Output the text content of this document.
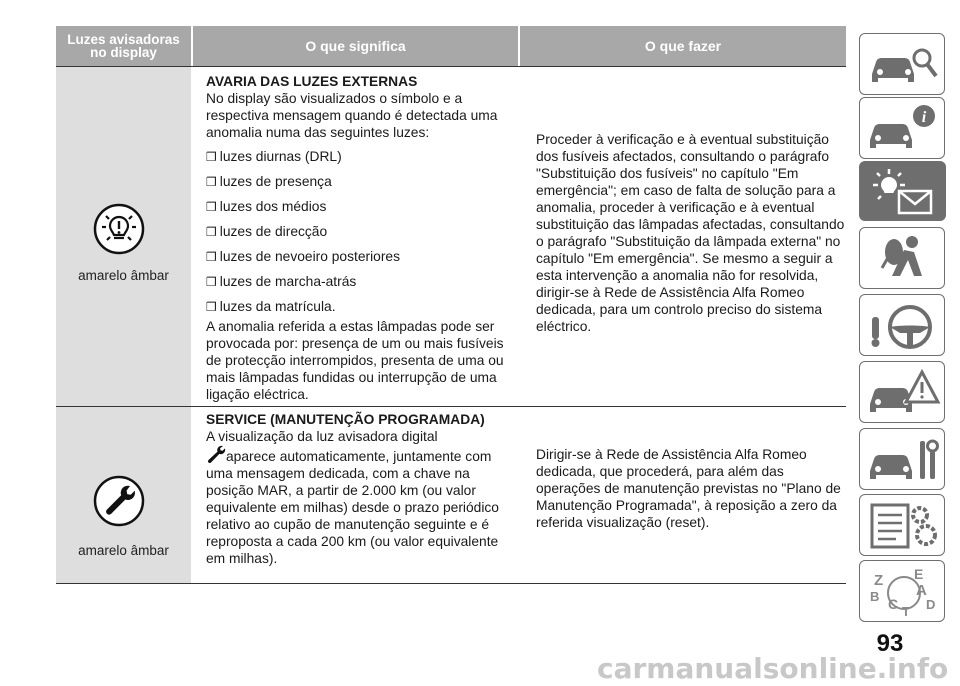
Luzes avisadoras no display	O que significa	O que fazer
amarelo âmbar
AVARIA DAS LUZES EXTERNAS
No display são visualizados o símbolo e a respectiva mensagem quando é detectada uma anomalia numa das seguintes luzes:
❒ luzes diurnas (DRL)
❒ luzes de presença
❒ luzes dos médios
❒ luzes de direcção
❒ luzes de nevoeiro posteriores
❒ luzes de marcha-atrás
❒ luzes da matrícula.
A anomalia referida a estas lâmpadas pode ser provocada por: presença de um ou mais fusíveis de protecção interrompidos, presenta de uma ou mais lâmpadas fundidas ou interrupção de uma ligação eléctrica.
Proceder à verificação e à eventual substituição dos fusíveis afectados, consultando o parágrafo "Substituição dos fusíveis" no capítulo "Em emergência"; em caso de falta de solução para a anomalia, proceder à verificação e à eventual substituição das lâmpadas afectadas, consultando o parágrafo "Substituição da lâmpada externa" no capítulo "Em emergência". Se mesmo a seguir a esta intervenção a anomalia não for resolvida, dirigir-se à Rede de Assistência Alfa Romeo dedicada, para um controlo preciso do sistema eléctrico.
amarelo âmbar
SERVICE (MANUTENÇÃO PROGRAMADA)
A visualização da luz avisadora digital
aparece automaticamente, juntamente com uma mensagem dedicada, com a chave na posição MAR, a partir de 2.000 km (ou valor equivalente em milhas) desde o prazo periódico relativo ao cupão de manutenção seguinte e é reproposta a cada 200 km (ou valor equivalente em milhas).
Dirigir-se à Rede de Assistência Alfa Romeo dedicada, que procederá, para além das operações de manutenção previstas no "Plano de Manutenção Programada", à reposição a zero da referida visualização (reset).
i
Z E
A
B C T D
93
carmanualsonline.info
